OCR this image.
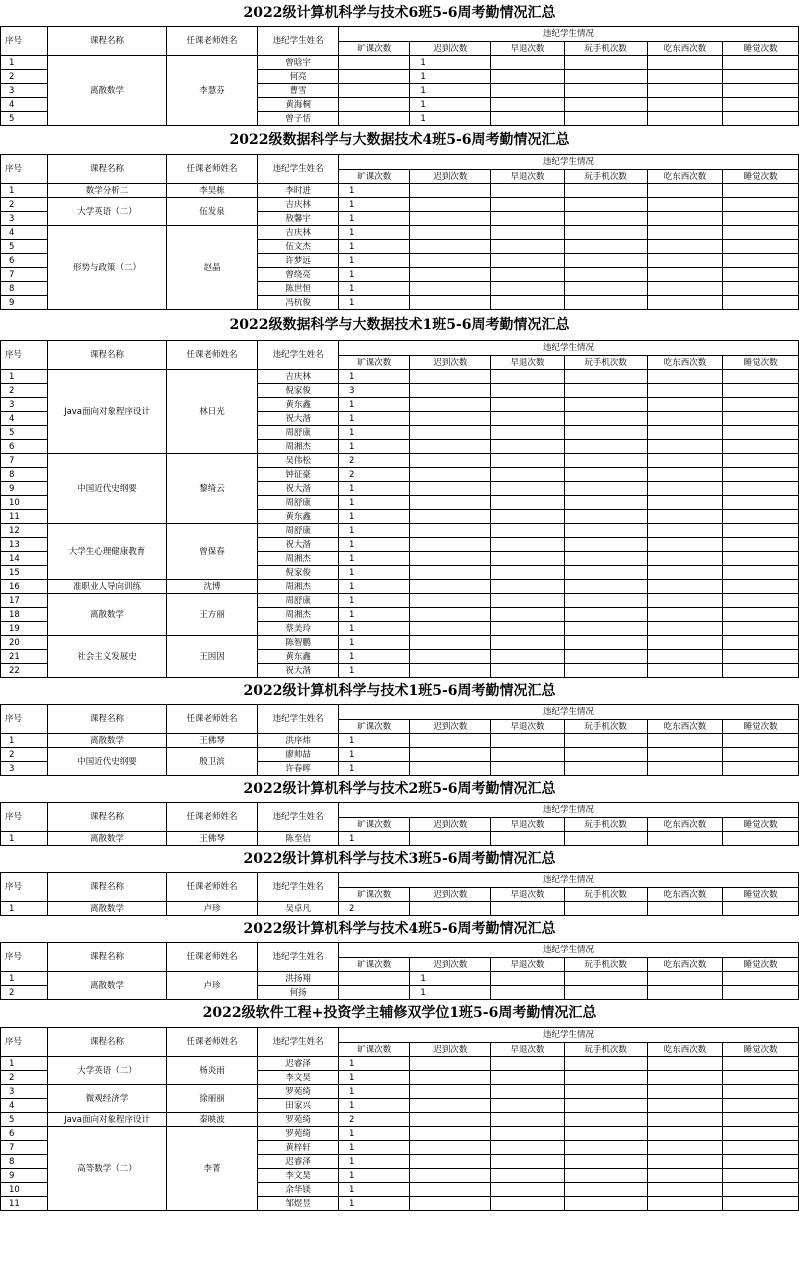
2022级计算机科学与技术6班5-6周考勤情况汇总
序号	课程名称	任课老师姓名	违纪学生姓名	违纪学生情况					
				旷课次数	迟到次数	早退次数	玩手机次数	吃东西次数	睡觉次数
1	离散数学	李慧芬	曾晗宇		1				
2			何亮		1				
3			曹雪		1				
4			黄海桐		1				
5			曾子恬		1				
2022级数据科学与大数据技术4班5-6周考勤情况汇总
序号	课程名称	任课老师姓名	违纪学生姓名	违纪学生情况					
				旷课次数	迟到次数	早退次数	玩手机次数	吃东西次数	睡觉次数
1	数学分析二	李昊栋	李时进	1					
2	大学英语（二）	伍发泉	吉庆林	1					
3			敖馨宇	1					
4	形势与政策（二）	赵晶	吉庆林	1					
5			伍文杰	1					
6			许梦远	1					
7			曾绕亮	1					
8			陈世恒	1					
9			冯杭俊	1					
2022级数据科学与大数据技术1班5-6周考勤情况汇总
序号	课程名称	任课老师姓名	违纪学生姓名	违纪学生情况					
				旷课次数	迟到次数	早退次数	玩手机次数	吃东西次数	睡觉次数
1	Java面向对象程序设计	林日光	吉庆林	1					
2			倪家俊	3					
3			黄东鑫	1					
4			祝大湝	1					
5			周舒康	1					
6			周湘杰	1					
7	中国近代史纲要	黎绮云	吴伟松	2					
8			钟征豪	2					
9			祝大湝	1					
10			周舒康	1					
11			黄东鑫	1					
12	大学生心理健康教育	曾保春	周舒康	1					
13			祝大湝	1					
14			周湘杰	1					
15			倪家俊	1					
16	准职业人导向训练	沈博	周湘杰	1					
17	离散数学	王方丽	周舒康	1					
18			周湘杰	1					
19			蔡美玲	1					
20	社会主义发展史	王因因	陈智鹏	1					
21			黄东鑫	1					
22			祝大湝	1					
2022级计算机科学与技术1班5-6周考勤情况汇总
序号	课程名称	任课老师姓名	违纪学生姓名	违纪学生情况					
				旷课次数	迟到次数	早退次数	玩手机次数	吃东西次数	睡觉次数
1	离散数学	王佛琴	洪序炜	1					
2	中国近代史纲要	殷卫滨	廖帅喆	1					
3			许春晖	1					
2022级计算机科学与技术2班5-6周考勤情况汇总
序号	课程名称	任课老师姓名	违纪学生姓名	违纪学生情况					
				旷课次数	迟到次数	早退次数	玩手机次数	吃东西次数	睡觉次数
1	离散数学	王佛琴	陈至信	1					
2022级计算机科学与技术3班5-6周考勤情况汇总
序号	课程名称	任课老师姓名	违纪学生姓名	违纪学生情况					
				旷课次数	迟到次数	早退次数	玩手机次数	吃东西次数	睡觉次数
1	离散数学	卢珍	吴卓凡	2					
2022级计算机科学与技术4班5-6周考勤情况汇总
序号	课程名称	任课老师姓名	违纪学生姓名	违纪学生情况					
				旷课次数	迟到次数	早退次数	玩手机次数	吃东西次数	睡觉次数
1	离散数学	卢珍	洪扬翔		1				
2			何扬		1				
2022级软件工程+投资学主辅修双学位1班5-6周考勤情况汇总
序号	课程名称	任课老师姓名	违纪学生姓名	违纪学生情况					
				旷课次数	迟到次数	早退次数	玩手机次数	吃东西次数	睡觉次数
1	大学英语（二）	杨炎雨	迟睿泽	1					
2			李文昊	1					
3	微观经济学	徐丽丽	罗苑绮	1					
4			田家兴	1					
5	Java面向对象程序设计	秦映波	罗苑绮	2					
6	高等数学（二）	李菁	罗苑绮	1					
7			黄梓轩	1					
8			迟睿泽	1					
9			李文昊	1					
10			余华镁	1					
11			邹煜昱	1					
